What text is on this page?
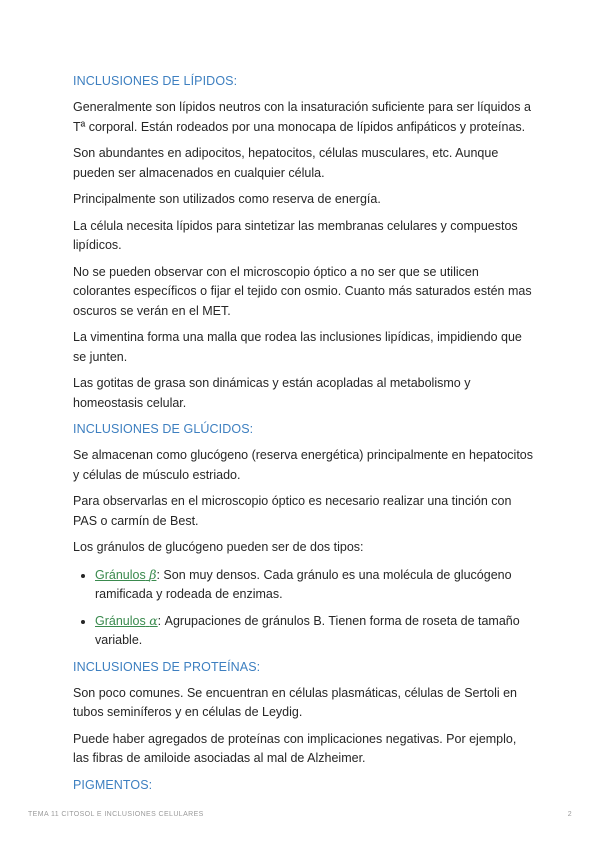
INCLUSIONES DE LÍPIDOS:

Generalmente son lípidos neutros con la insaturación suficiente para ser líquidos a Tª corporal. Están rodeados por una monocapa de lípidos anfipáticos y proteínas.

Son abundantes en adipocitos, hepatocitos, células musculares, etc. Aunque pueden ser almacenados en cualquier célula.

Principalmente son utilizados como reserva de energía.

La célula necesita lípidos para sintetizar las membranas celulares y compuestos lipídicos.

No se pueden observar con el microscopio óptico a no ser que se utilicen colorantes específicos o fijar el tejido con osmio. Cuanto más saturados estén mas oscuros se verán en el MET.

La vimentina forma una malla que rodea las inclusiones lipídicas, impidiendo que se junten.

Las gotitas de grasa son dinámicas y están acopladas al metabolismo y homeostasis celular.

INCLUSIONES DE GLÚCIDOS:

Se almacenan como glucógeno (reserva energética) principalmente en hepatocitos y células de músculo estriado.

Para observarlas en el microscopio óptico es necesario realizar una tinción con PAS o carmín de Best.

Los gránulos de glucógeno pueden ser de dos tipos:

• Gránulos β: Son muy densos. Cada gránulo es una molécula de glucógeno ramificada y rodeada de enzimas.
• Gránulos α: Agrupaciones de gránulos B. Tienen forma de roseta de tamaño variable.
INCLUSIONES DE PROTEÍNAS:

Son poco comunes. Se encuentran en células plasmáticas, células de Sertoli en tubos seminíferos y en células de Leydig.

Puede haber agregados de proteínas con implicaciones negativas. Por ejemplo, las fibras de amiloide asociadas al mal de Alzheimer.

PIGMENTOS:
TEMA 11 CITOSOL E INCLUSIONES CELULARES	2
